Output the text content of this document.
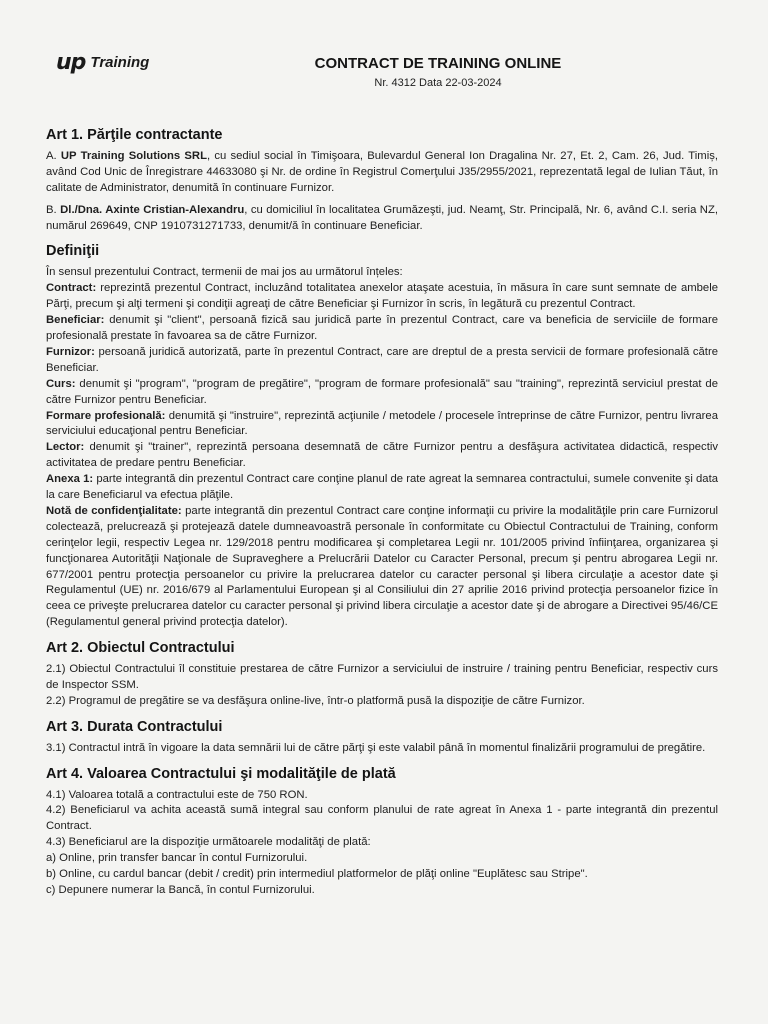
up Training	CONTRACT DE TRAINING ONLINE
Nr. 4312 Data 22-03-2024
Art 1. Părţile contractante

A. UP Training Solutions SRL, cu sediul social în Timişoara, Bulevardul General Ion Dragalina Nr. 27, Et. 2, Cam. 26, Jud. Timiș, având Cod Unic de Înregistrare 44633080 şi Nr. de ordine în Registrul Comerţului J35/2955/2021, reprezentată legal de Iulian Tăut, în calitate de Administrator, denumită în continuare Furnizor.

B. Dl./Dna. Axinte Cristian-Alexandru, cu domiciliul în localitatea Grumăzeşti, jud. Neamţ, Str. Principală, Nr. 6, având C.I. seria NZ, numărul 269649, CNP 1910731271733, denumit/ă în continuare Beneficiar.

Definiţii

În sensul prezentului Contract, termenii de mai jos au următorul înțeles:

Contract: reprezintă prezentul Contract, incluzând totalitatea anexelor ataşate acestuia, în măsura în care sunt semnate de ambele Părţi, precum şi alţi termeni şi condiţii agreaţi de către Beneficiar şi Furnizor în scris, în legătură cu prezentul Contract.

Beneficiar: denumit şi "client", persoană fizică sau juridică parte în prezentul Contract, care va beneficia de serviciile de formare profesională prestate în favoarea sa de către Furnizor.

Furnizor: persoană juridică autorizată, parte în prezentul Contract, care are dreptul de a presta servicii de formare profesională către Beneficiar.

Curs: denumit şi "program", "program de pregătire", "program de formare profesională" sau "training", reprezintă serviciul prestat de către Furnizor pentru Beneficiar.

Formare profesională: denumită şi "instruire", reprezintă acţiunile / metodele / procesele întreprinse de către Furnizor, pentru livrarea serviciului educaţional pentru Beneficiar.

Lector: denumit şi "trainer", reprezintă persoana desemnată de către Furnizor pentru a desfăşura activitatea didactică, respectiv activitatea de predare pentru Beneficiar.

Anexa 1: parte integrantă din prezentul Contract care conţine planul de rate agreat la semnarea contractului, sumele convenite şi data la care Beneficiarul va efectua plăţile.

Notă de confidenţialitate: parte integrantă din prezentul Contract care conţine informaţii cu privire la modalităţile prin care Furnizorul colectează, prelucrează şi protejează datele dumneavoastră personale în conformitate cu Obiectul Contractului de Training, conform cerinţelor legii, respectiv Legea nr. 129/2018 pentru modificarea şi completarea Legii nr. 101/2005 privind înfiinţarea, organizarea şi funcţionarea Autorităţii Naţionale de Supraveghere a Prelucrării Datelor cu Caracter Personal, precum şi pentru abrogarea Legii nr. 677/2001 pentru protecţia persoanelor cu privire la prelucrarea datelor cu caracter personal şi libera circulaţie a acestor date şi Regulamentul (UE) nr. 2016/679 al Parlamentului European şi al Consiliului din 27 aprilie 2016 privind protecţia persoanelor fizice în ceea ce priveşte prelucrarea datelor cu caracter personal şi privind libera circulaţie a acestor date şi de abrogare a Directivei 95/46/CE (Regulamentul general privind protecţia datelor).

Art 2. Obiectul Contractului

2.1) Obiectul Contractului îl constituie prestarea de către Furnizor a serviciului de instruire / training pentru Beneficiar, respectiv curs de Inspector SSM.

2.2) Programul de pregătire se va desfăşura online-live, într-o platformă pusă la dispoziţie de către Furnizor.

Art 3. Durata Contractului

3.1) Contractul intră în vigoare la data semnării lui de către părţi şi este valabil până în momentul finalizării programului de pregătire.

Art 4. Valoarea Contractului şi modalităţile de plată

4.1) Valoarea totală a contractului este de 750 RON.

4.2) Beneficiarul va achita această sumă integral sau conform planului de rate agreat în Anexa 1 - parte integrantă din prezentul Contract.

4.3) Beneficiarul are la dispoziţie următoarele modalităţi de plată:

a) Online, prin transfer bancar în contul Furnizorului.

b) Online, cu cardul bancar (debit / credit) prin intermediul platformelor de plăţi online "Euplătesc sau Stripe".

c) Depunere numerar la Bancă, în contul Furnizorului.
